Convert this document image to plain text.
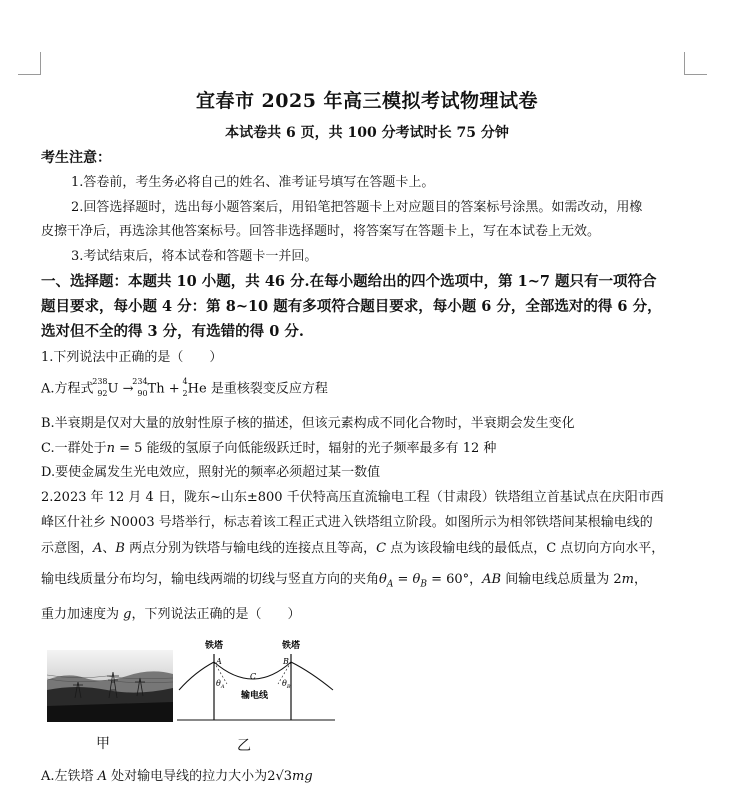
宜春市 2025 年高三模拟考试物理试卷
本试卷共 6 页，共 100 分考试时长 75 分钟
考生注意：
1.答卷前，考生务必将自己的姓名、准考证号填写在答题卡上。
2.回答选择题时，选出每小题答案后，用铅笔把答题卡上对应题目的答案标号涂黑。如需改动，用橡
皮擦干净后，再选涂其他答案标号。回答非选择题时，将答案写在答题卡上，写在本试卷上无效。
3.考试结束后，将本试卷和答题卡一并回。
一、选择题：本题共 10 小题，共 46 分.在每小题给出的四个选项中，第 1~7 题只有一项符合
题目要求，每小题 4 分：第 8~10 题有多项符合题目要求，每小题 6 分，全部选对的得 6 分，
选对但不全的得 3 分，有选错的得 0 分.
1.下列说法中正确的是（　　）
A.方程式
238
92 U →
234
90 Th + 4
2 He 是重核裂变反应方程
B.半衰期是仅对大量的放射性原子核的描述，但该元素构成不同化合物时，半衰期会发生变化
C.一群处于n = 5 能级的氢原子向低能级跃迁时，辐射的光子频率最多有 12 种
D.要使金属发生光电效应，照射光的频率必须超过某一数值
2.2023 年 12 月 4 日，陇东~山东±800 千伏特高压直流输电工程（甘肃段）铁塔组立首基试点在庆阳市西
峰区什社乡 N0003 号塔举行，标志着该工程正式进入铁塔组立阶段。如图所示为相邻铁塔间某根输电线的
示意图，A、B 两点分别为铁塔与输电线的连接点且等高，C 点为该段输电线的最低点，C 点切向方向水平，
输电线质量分布均匀，输电线两端的切线与竖直方向的夹角$\theta_A = \theta_B = 60^\circ$，AB 间输电线总质量为 2m，
重力加速度为 g，下列说法正确的是（　　）
铁塔	铁塔
A	B
C
$\theta_A$	$\theta_B$
输电线
甲	乙
A.左铁塔 A 处对输电导线的拉力大小为2√3mg
